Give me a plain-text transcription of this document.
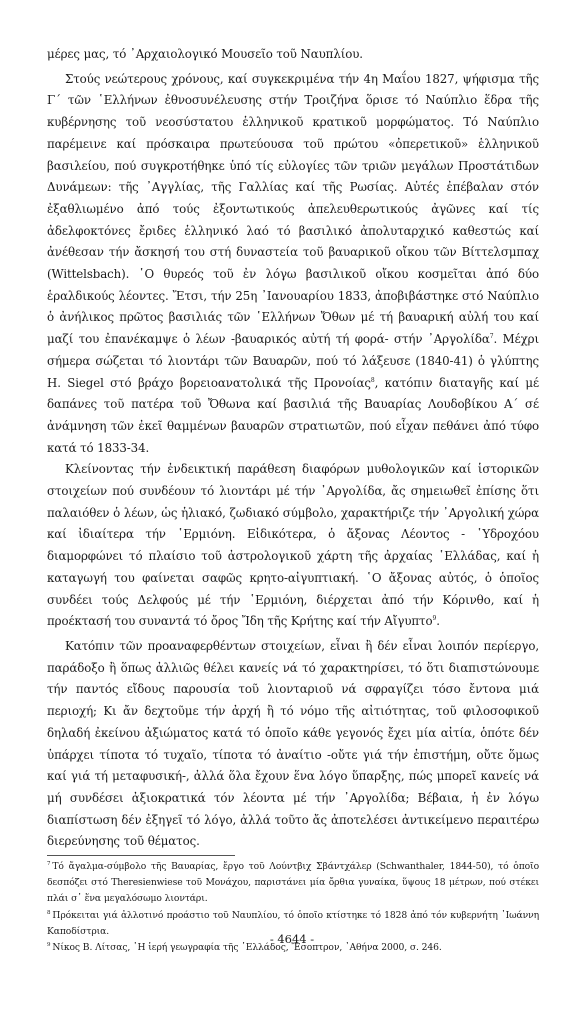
μέρες μας, τό ᾽Αρχαιολογικό Μουσεῖο τοῦ Ναυπλίου.

Στούς νεώτερους χρόνους, καί συγκεκριμένα τήν 4η Μαΐου 1827, ψήφισμα τῆς Γ´ τῶν ῾Ελλήνων ἐθνοσυνέλευσης στήν Τροιζήνα ὅρισε τό Ναύπλιο ἕδρα τῆς κυβέρνησης τοῦ νεοσύστατου ἑλληνικοῦ κρατικοῦ μορφώματος. Τό Ναύπλιο παρέμεινε καί πρόσκαιρα πρωτεύουσα τοῦ πρώτου «ὀπερετικοῦ» ἑλληνικοῦ βασιλείου, πού συγκροτήθηκε ὑπό τίς εὐλογίες τῶν τριῶν μεγάλων Προστάτιδων Δυνάμεων: τῆς ᾽Αγγλίας, τῆς Γαλλίας καί τῆς Ρωσίας. Αὐτές ἐπέβαλαν στόν ἐξαθλιωμένο ἀπό τούς ἐξοντωτικούς ἀπελευθερωτικούς ἀγῶνες καί τίς ἀδελφοκτόνες ἔριδες ἑλληνικό λαό τό βασιλικό ἀπολυταρχικό καθεστώς καί ἀνέθεσαν τήν ἄσκησή του στή δυναστεία τοῦ βαυαρικοῦ οἴκου τῶν Βίττελσμπαχ (Wittelsbach). ῾Ο θυρεός τοῦ ἐν λόγω βασιλικοῦ οἴκου κοσμεῖται ἀπό δύο ἑραλδικούς λέοντες. Ἔτσι, τήν 25η ᾽Ιανουαρίου 1833, ἀποβιβάστηκε στό Ναύπλιο ὁ ἀνήλικος πρῶτος βασιλιάς τῶν ῾Ελλήνων Ὄθων μέ τή βαυαρική αὐλή του καί μαζί του ἐπανέκαμψε ὁ λέων -βαυαρικός αὐτή τή φορά- στήν ᾽Αργολίδα$^7$. Μέχρι σήμερα σώζεται τό λιοντάρι τῶν Βαυαρῶν, πού τό λάξευσε (1840-41) ὁ γλύπτης H. Siegel στό βράχο βορειοανατολικά τῆς Προνοίας$^8$, κατόπιν διαταγῆς καί μέ δαπάνες τοῦ πατέρα τοῦ Ὄθωνα καί βασιλιά τῆς Βαυαρίας Λουδοβίκου Α´ σέ ἀνάμνηση τῶν ἐκεῖ θαμμένων βαυαρῶν στρατιωτῶν, πού εἶχαν πεθάνει ἀπό τύφο κατά τό 1833-34.

Κλείνοντας τήν ἐνδεικτική παράθεση διαφόρων μυθολογικῶν καί ἱστορικῶν στοιχείων πού συνδέουν τό λιοντάρι μέ τήν ᾽Αργολίδα, ἄς σημειωθεῖ ἐπίσης ὅτι παλαιόθεν ὁ λέων, ὡς ἡλιακό, ζωδιακό σύμβολο, χαρακτήριζε τήν ᾽Αργολική χώρα καί ἰδιαίτερα τήν ῾Ερμιόνη. Εἰδικότερα, ὁ ἄξονας Λέοντος - ῾Υδροχόου διαμορφώνει τό πλαίσιο τοῦ ἀστρολογικοῦ χάρτη τῆς ἀρχαίας ῾Ελλάδας, καί ἡ καταγωγή του φαίνεται σαφῶς κρητο-αἰγυπτιακή. ῾Ο ἄξονας αὐτός, ὁ ὁποῖος συνδέει τούς Δελφούς μέ τήν ῾Ερμιόνη, διέρχεται ἀπό τήν Κόρινθο, καί ἡ προέκτασή του συναντά τό ὄρος Ἴδη τῆς Κρήτης καί τήν Αἴγυπτο$^9$.

Κατόπιν τῶν προαναφερθέντων στοιχείων, εἶναι ἢ δέν εἶναι λοιπόν περίεργο, παράδοξο ἢ ὅπως ἀλλιῶς θέλει κανείς νά τό χαρακτηρίσει, τό ὅτι διαπιστώνουμε τήν παντός εἴδους παρουσία τοῦ λιονταριοῦ νά σφραγίζει τόσο ἔντονα μιά περιοχή; Κι ἄν δεχτοῦμε τήν ἀρχή ἢ τό νόμο τῆς αἰτιότητας, τοῦ φιλοσοφικοῦ δηλαδή ἐκείνου ἀξιώματος κατά τό ὁποῖο κάθε γεγονός ἔχει μία αἰτία, ὁπότε δέν ὑπάρχει τίποτα τό τυχαῖο, τίποτα τό ἀναίτιο -οὔτε γιά τήν ἐπιστήμη, οὔτε ὅμως καί γιά τή μεταφυσική-, ἀλλά ὅλα ἔχουν ἕνα λόγο ὕπαρξης, πώς μπορεῖ κανείς νά μή συνδέσει ἀξιοκρατικά τόν λέοντα μέ τήν ᾽Αργολίδα; Βέβαια, ἡ ἐν λόγω διαπίστωση δέν ἐξηγεῖ τό λόγο, ἀλλά τοῦτο ἄς ἀποτελέσει ἀντικείμενο περαιτέρω διερεύνησης τοῦ θέματος.

$^7$ Τό ἄγαλμα-σύμβολο τῆς Βαυαρίας, ἔργο τοῦ Λούντβιχ Σβάντχάλερ (Schwanthaler, 1844-50), τό ὁποῖο δεσπόζει στό Theresienwiese τοῦ Μονάχου, παριστάνει μία ὄρθια γυναίκα, ὕψους 18 μέτρων, πού στέκει πλάι σ᾽ ἕνα μεγαλόσωμο λιοντάρι.

$^8$ Πρόκειται γιά ἀλλοτινό προάστιο τοῦ Ναυπλίου, τό ὁποῖο κτίστηκε τό 1828 ἀπό τόν κυβερνήτη ᾽Ιωάννη Καποδίστρια.

$^9$ Νίκος Β. Λίτσας, ῾Η ἱερή γεωγραφία τῆς ῾Ελλάδος, Ἔσοπτρον, ᾽Αθήνα 2000, σ. 246.

- 4644 -
